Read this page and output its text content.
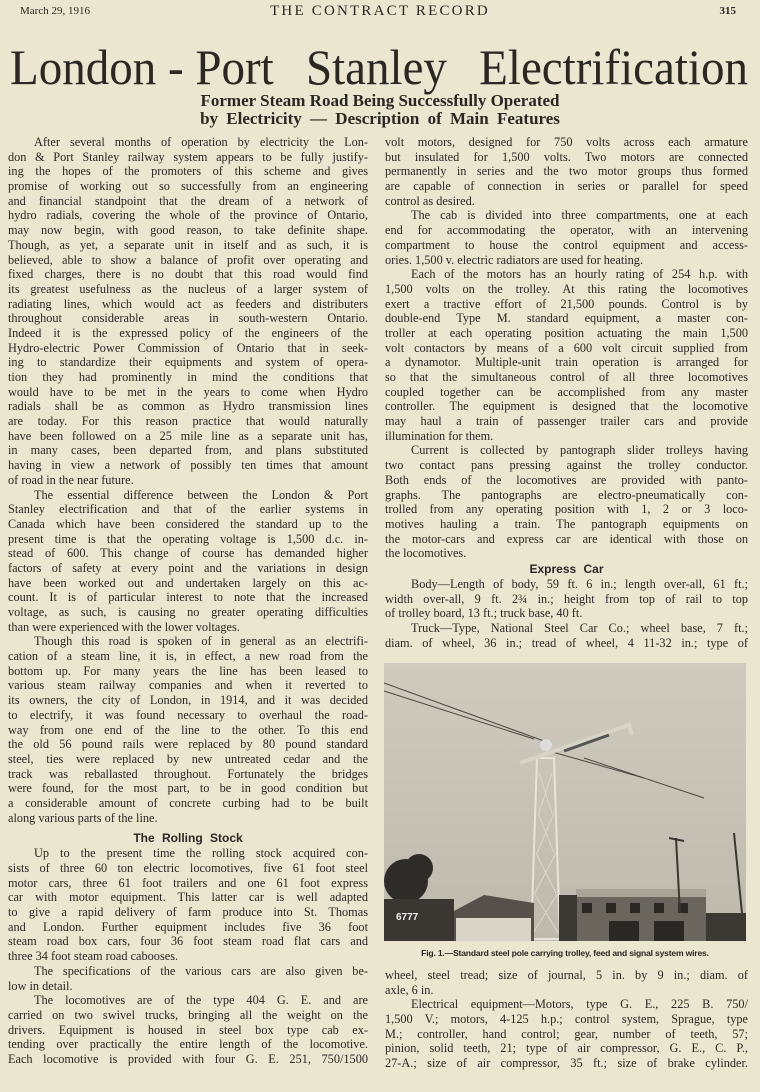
March 29, 1916	THE CONTRACT RECORD	315
London - Port Stanley Electrification
Former Steam Road Being Successfully Operated
by Electricity — Description of Main Features
After several months of operation by electricity the Lon-
don & Port Stanley railway system appears to be fully justify-
ing the hopes of the promoters of this scheme and gives
promise of working out so successfully from an engineering
and financial standpoint that the dream of a network of
hydro radials, covering the whole of the province of Ontario,
may now begin, with good reason, to take definite shape.
Though, as yet, a separate unit in itself and as such, it is
believed, able to show a balance of profit over operating and
fixed charges, there is no doubt that this road would find
its greatest usefulness as the nucleus of a larger system of
radiating lines, which would act as feeders and distributers
throughout considerable areas in south-western Ontario.
Indeed it is the expressed policy of the engineers of the
Hydro-electric Power Commission of Ontario that in seek-
ing to standardize their equipments and system of opera-
tion they had prominently in mind the conditions that
would have to be met in the years to come when Hydro
radials shall be as common as Hydro transmission lines
are today. For this reason practice that would naturally
have been followed on a 25 mile line as a separate unit has,
in many cases, been departed from, and plans substituted
having in view a network of possibly ten times that amount
of road in the near future.
The essential difference between the London & Port
Stanley electrification and that of the earlier systems in
Canada which have been considered the standard up to the
present time is that the operating voltage is 1,500 d.c. in-
stead of 600. This change of course has demanded higher
factors of safety at every point and the variations in design
have been worked out and undertaken largely on this ac-
count. It is of particular interest to note that the increased
voltage, as such, is causing no greater operating difficulties
than were experienced with the lower voltages.
Though this road is spoken of in general as an electrifi-
cation of a steam line, it is, in effect, a new road from the
bottom up. For many years the line has been leased to
various steam railway companies and when it reverted to
its owners, the city of London, in 1914, and it was decided
to electrify, it was found necessary to overhaul the road-
way from one end of the line to the other. To this end
the old 56 pound rails were replaced by 80 pound standard
steel, ties were replaced by new untreated cedar and the
track was reballasted throughout. Fortunately the bridges
were found, for the most part, to be in good condition but
a considerable amount of concrete curbing had to be built
along various parts of the line.
The Rolling Stock
Up to the present time the rolling stock acquired con-
sists of three 60 ton electric locomotives, five 61 foot steel
motor cars, three 61 foot trailers and one 61 foot express
car with motor equipment. This latter car is well adapted
to give a rapid delivery of farm produce into St. Thomas
and London. Further equipment includes five 36 foot
steam road box cars, four 36 foot steam road flat cars and
three 34 foot steam road cabooses.
The specifications of the various cars are also given be-
low in detail.
The locomotives are of the type 404 G. E. and are
carried on two swivel trucks, bringing all the weight on the
drivers. Equipment is housed in steel box type cab ex-
tending over practically the entire length of the locomotive.
Each locomotive is provided with four G. E. 251, 750/1500
volt motors, designed for 750 volts across each armature
but insulated for 1,500 volts. Two motors are connected
permanently in series and the two motor groups thus formed
are capable of connection in series or parallel for speed
control as desired.
The cab is divided into three compartments, one at each
end for accommodating the operator, with an intervening
compartment to house the control equipment and access-
ories. 1,500 v. electric radiators are used for heating.
Each of the motors has an hourly rating of 254 h.p. with
1,500 volts on the trolley. At this rating the locomotives
exert a tractive effort of 21,500 pounds. Control is by
double-end Type M. standard equipment, a master con-
troller at each operating position actuating the main 1,500
volt contactors by means of a 600 volt circuit supplied from
a dynamotor. Multiple-unit train operation is arranged for
so that the simultaneous control of all three locomotives
coupled together can be accomplished from any master
controller. The equipment is designed that the locomotive
may haul a train of passenger trailer cars and provide
illumination for them.
Current is collected by pantograph slider trolleys having
two contact pans pressing against the trolley conductor.
Both ends of the locomotives are provided with panto-
graphs. The pantographs are electro-pneumatically con-
trolled from any operating position with 1, 2 or 3 loco-
motives hauling a train. The pantograph equipments on
the motor-cars and express car are identical with those on
the locomotives.
Express Car
Body—Length of body, 59 ft. 6 in.; length over-all, 61 ft.;
width over-all, 9 ft. 2¾ in.; height from top of rail to top
of trolley board, 13 ft.; truck base, 40 ft.
Truck—Type, National Steel Car Co.; wheel base, 7 ft.;
diam. of wheel, 36 in.; tread of wheel, 4 11-32 in.; type of
6777
Fig. 1.—Standard steel pole carrying trolley, feed and signal system wires.
wheel, steel tread; size of journal, 5 in. by 9 in.; diam. of
axle, 6 in.
Electrical equipment—Motors, type G. E., 225 B. 750/
1,500 V.; motors, 4-125 h.p.; control system, Sprague, type
M.; controller, hand control; gear, number of teeth, 57;
pinion, solid teeth, 21; type of air compressor, G. E., C. P.,
27-A.; size of air compressor, 35 ft.; size of brake cylinder.
